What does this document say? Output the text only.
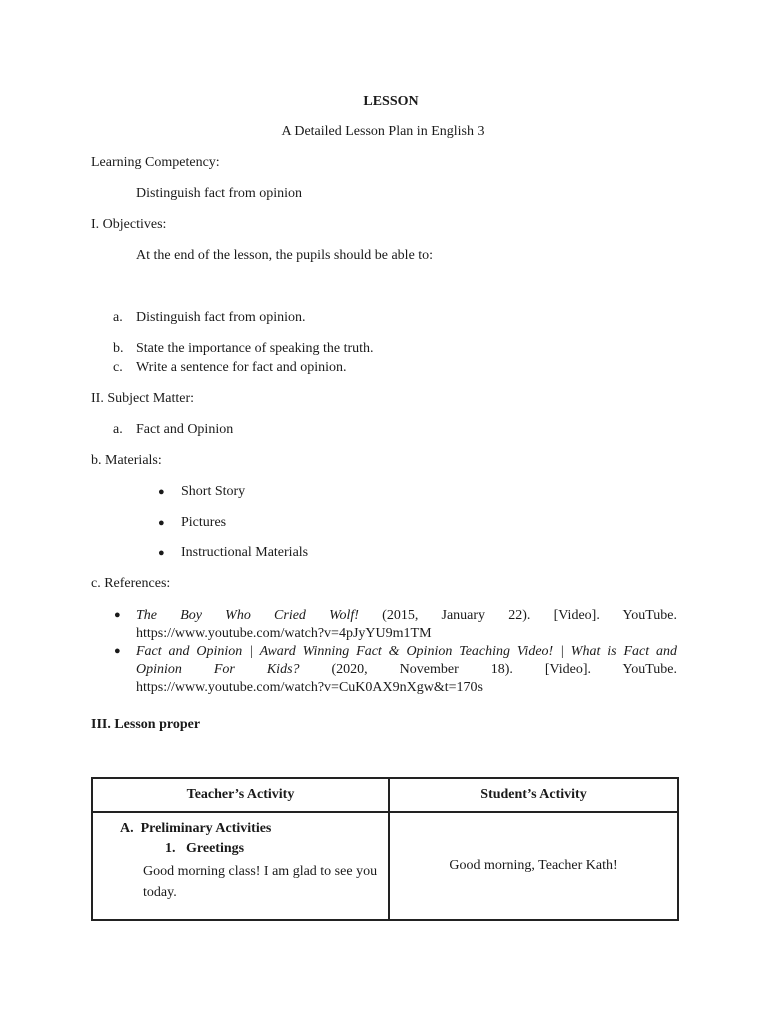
LESSON
A Detailed Lesson Plan in English 3
Learning Competency:
Distinguish fact from opinion
I. Objectives:
At the end of the lesson, the pupils should be able to:
a. Distinguish fact from opinion.
b. State the importance of speaking the truth.
c. Write a sentence for fact and opinion.
II. Subject Matter:
a. Fact and Opinion
b. Materials:
● Short Story
● Pictures
● Instructional Materials
c. References:
● The Boy Who Cried Wolf! (2015, January 22). [Video]. YouTube.
https://www.youtube.com/watch?v=4pJyYU9m1TM
● Fact and Opinion | Award Winning Fact & Opinion Teaching Video! | What is Fact and
Opinion For Kids? (2020, November 18). [Video]. YouTube.
https://www.youtube.com/watch?v=CuK0AX9nXgw&t=170s
III. Lesson proper
Teacher’s Activity	Student’s Activity

A.  Preliminary Activities
1.   Greetings
Good morning class! I am glad to see you today.	Good morning, Teacher Kath!
